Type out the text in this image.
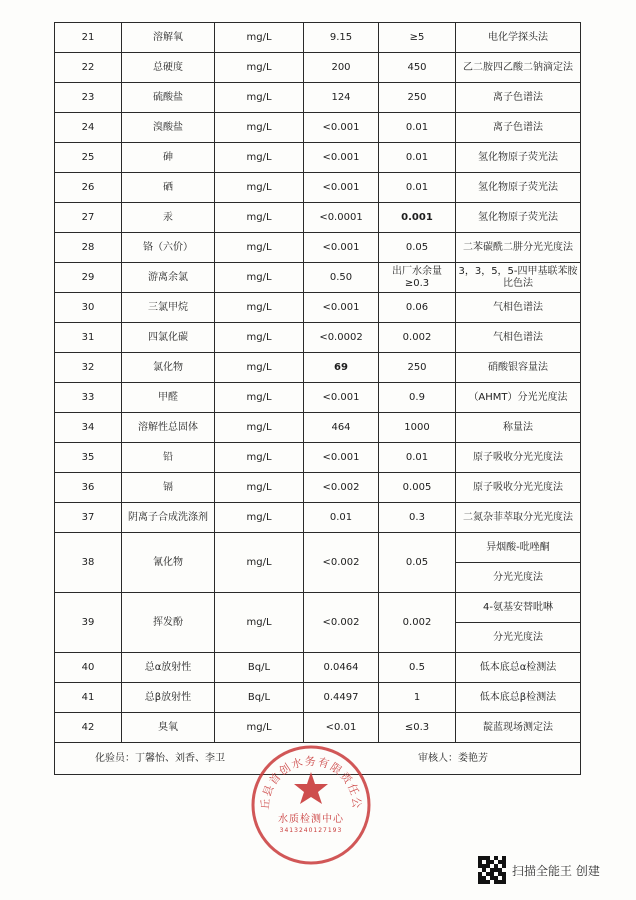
21	溶解氧	mg/L	9.15	≥5	电化学探头法
22	总硬度	mg/L	200	450	乙二胺四乙酸二钠滴定法
23	硫酸盐	mg/L	124	250	离子色谱法
24	溴酸盐	mg/L	<0.001	0.01	离子色谱法
25	砷	mg/L	<0.001	0.01	氢化物原子荧光法
26	硒	mg/L	<0.001	0.01	氢化物原子荧光法
27	汞	mg/L	<0.0001	0.001	氢化物原子荧光法
28	铬（六价）	mg/L	<0.001	0.05	二苯碳酰二肼分光光度法
29	游离余氯	mg/L	0.50	出厂水余量≥0.3	3，3，5，5-四甲基联苯胺比色法
30	三氯甲烷	mg/L	<0.001	0.06	气相色谱法
31	四氯化碳	mg/L	<0.0002	0.002	气相色谱法
32	氯化物	mg/L	69	250	硝酸银容量法
33	甲醛	mg/L	<0.001	0.9	（AHMT）分光光度法
34	溶解性总固体	mg/L	464	1000	称量法
35	铅	mg/L	<0.001	0.01	原子吸收分光光度法
36	镉	mg/L	<0.002	0.005	原子吸收分光光度法
37	阴离子合成洗涤剂	mg/L	0.01	0.3	二氮杂菲萃取分光光度法
38	氰化物	mg/L	<0.002	0.05	异烟酸-吡唑酮
					分光光度法
39	挥发酚	mg/L	<0.002	0.002	4-氨基安替吡啉
					分光光度法
40	总α放射性	Bq/L	0.0464	0.5	低本底总α检测法
41	总β放射性	Bq/L	0.4497	1	低本底总β检测法
42	臭氧	mg/L	<0.01	≤0.3	靛蓝现场测定法

化验员：丁馨怡、刘香、李卫 审核人：娄艳芳					
丘县首创水务有限责任公
水质检测中心
3413240127193
扫描全能王 创建
